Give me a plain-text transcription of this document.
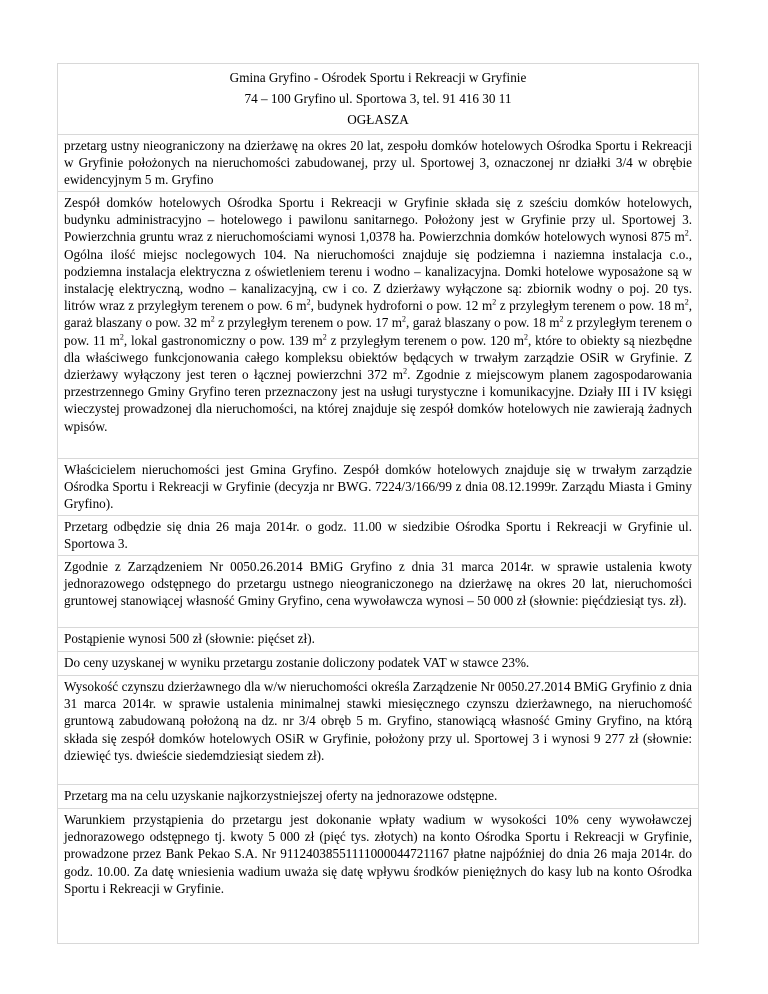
Gmina Gryfino - Ośrodek Sportu i Rekreacji w Gryfinie
74 – 100 Gryfino ul. Sportowa 3, tel. 91 416 30 11
OGŁASZA
przetarg ustny nieograniczony na dzierżawę na okres 20 lat, zespołu domków hotelowych Ośrodka Sportu i Rekreacji w Gryfinie położonych na nieruchomości zabudowanej, przy ul. Sportowej 3, oznaczonej nr działki 3/4 w obrębie ewidencyjnym 5 m. Gryfino
Zespół domków hotelowych Ośrodka Sportu i Rekreacji w Gryfinie składa się z sześciu domków hotelowych, budynku administracyjno – hotelowego i pawilonu sanitarnego. Położony jest w Gryfinie przy ul. Sportowej 3. Powierzchnia gruntu wraz z nieruchomościami wynosi 1,0378 ha. Powierzchnia domków hotelowych wynosi 875 $m^2$. Ogólna ilość miejsc noclegowych 104. Na nieruchomości znajduje się podziemna i naziemna instalacja c.o., podziemna instalacja elektryczna z oświetleniem terenu i wodno – kanalizacyjna. Domki hotelowe wyposażone są w instalację elektryczną, wodno – kanalizacyjną, cw i co. Z dzierżawy wyłączone są: zbiornik wodny o poj. 20 tys. litrów wraz z przyległym terenem o pow. 6 $m^2$, budynek hydroforni o pow. 12 $m^2$ z przyległym terenem o pow. 18 $m^2$, garaż blaszany o pow. 32 $m^2$ z przyległym terenem o pow. 17 $m^2$, garaż blaszany o pow. 18 $m^2$ z przyległym terenem o pow. 11 $m^2$, lokal gastronomiczny o pow. 139 $m^2$ z przyległym terenem o pow. 120 $m^2$, które to obiekty są niezbędne dla właściwego funkcjonowania całego kompleksu obiektów będących w trwałym zarządzie OSiR w Gryfinie. Z dzierżawy wyłączony jest teren o łącznej powierzchni 372 $m^2$. Zgodnie z miejscowym planem zagospodarowania przestrzennego Gminy Gryfino teren przeznaczony jest na usługi turystyczne i komunikacyjne. Działy III i IV księgi wieczystej prowadzonej dla nieruchomości, na której znajduje się zespół domków hotelowych nie zawierają żadnych wpisów.
Właścicielem nieruchomości jest Gmina Gryfino. Zespół domków hotelowych znajduje się w trwałym zarządzie Ośrodka Sportu i Rekreacji w Gryfinie (decyzja nr BWG. 7224/3/166/99 z dnia 08.12.1999r. Zarządu Miasta i Gminy Gryfino).
Przetarg odbędzie się dnia 26 maja 2014r. o godz. 11.00 w siedzibie Ośrodka Sportu i Rekreacji w Gryfinie ul. Sportowa 3.
Zgodnie z Zarządzeniem Nr 0050.26.2014 BMiG Gryfino z dnia 31 marca 2014r. w sprawie ustalenia kwoty jednorazowego odstępnego do przetargu ustnego nieograniczonego na dzierżawę na okres 20 lat, nieruchomości gruntowej stanowiącej własność Gminy Gryfino, cena wywoławcza wynosi – 50 000 zł (słownie: pięćdziesiąt tys. zł).
Postąpienie wynosi 500 zł (słownie: pięćset zł).
Do ceny uzyskanej w wyniku przetargu zostanie doliczony podatek VAT w stawce 23%.
Wysokość czynszu dzierżawnego dla w/w nieruchomości określa Zarządzenie Nr 0050.27.2014 BMiG Gryfinio z dnia 31 marca 2014r. w sprawie ustalenia minimalnej stawki miesięcznego czynszu dzierżawnego, na nieruchomość gruntową zabudowaną położoną na dz. nr 3/4 obręb 5 m. Gryfino, stanowiącą własność Gminy Gryfino, na którą składa się zespół domków hotelowych OSiR w Gryfinie, położony przy ul. Sportowej 3 i wynosi 9 277 zł (słownie: dziewięć tys. dwieście siedemdziesiąt siedem zł).
Przetarg ma na celu uzyskanie najkorzystniejszej oferty na jednorazowe odstępne.
Warunkiem przystąpienia do przetargu jest dokonanie wpłaty wadium w wysokości 10% ceny wywoławczej jednorazowego odstępnego tj. kwoty 5 000 zł (pięć tys. złotych) na konto Ośrodka Sportu i Rekreacji w Gryfinie, prowadzone przez Bank Pekao S.A. Nr 91124038551111000044721167 płatne najpóźniej do dnia 26 maja 2014r. do godz. 10.00. Za datę wniesienia wadium uważa się datę wpływu środków pieniężnych do kasy lub na konto Ośrodka Sportu i Rekreacji w Gryfinie.
